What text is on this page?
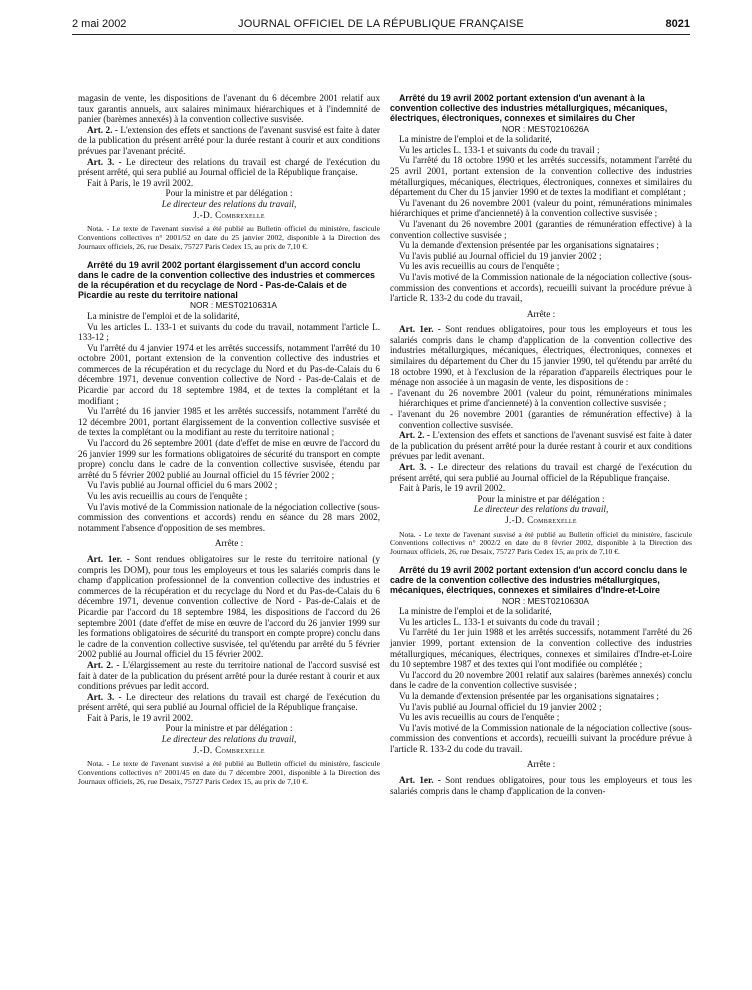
2 mai 2002	JOURNAL OFFICIEL DE LA RÉPUBLIQUE FRANÇAISE	8021

magasin de vente, les dispositions de l'avenant du 6 décembre 2001 relatif aux taux garantis annuels, aux salaires minimaux hiérarchiques et à l'indemnité de panier (barèmes annexés) à la convention collective susvisée.

Art. 2. - L'extension des effets et sanctions de l'avenant susvisé est faite à dater de la publication du présent arrêté pour la durée restant à courir et aux conditions prévues par l'avenant précité.

Art. 3. - Le directeur des relations du travail est chargé de l'exécution du présent arrêté, qui sera publié au Journal officiel de la République française.

Fait à Paris, le 19 avril 2002.

Pour la ministre et par délégation :

Le directeur des relations du travail,

J.-D. Combrexelle

Nota. - Le texte de l'avenant susvisé a été publié au Bulletin officiel du ministère, fascicule Conventions collectives n° 2001/52 en date du 25 janvier 2002, disponible à la Direction des Journaux officiels, 26, rue Desaix, 75727 Paris Cedex 15, au prix de 7,10 €.

Arrêté du 19 avril 2002 portant élargissement d'un accord conclu dans le cadre de la convention collective des industries et commerces de la récupération et du recyclage de Nord - Pas-de-Calais et de Picardie au reste du territoire national

NOR : MEST0210631A

La ministre de l'emploi et de la solidarité,

Vu les articles L. 133-1 et suivants du code du travail, notamment l'article L. 133-12 ;

Vu l'arrêté du 4 janvier 1974 et les arrêtés successifs, notamment l'arrêté du 10 octobre 2001, portant extension de la convention collective des industries et commerces de la récupération et du recyclage du Nord et du Pas-de-Calais du 6 décembre 1971, devenue convention collective de Nord - Pas-de-Calais et de Picardie par accord du 18 septembre 1984, et de textes la complétant et la modifiant ;

Vu l'arrêté du 16 janvier 1985 et les arrêtés successifs, notamment l'arrêté du 12 décembre 2001, portant élargissement de la convention collective susvisée et de textes la complétant ou la modifiant au reste du territoire national ;

Vu l'accord du 26 septembre 2001 (date d'effet de mise en œuvre de l'accord du 26 janvier 1999 sur les formations obligatoires de sécurité du transport en compte propre) conclu dans le cadre de la convention collective susvisée, étendu par arrêté du 5 février 2002 publié au Journal officiel du 15 février 2002 ;

Vu l'avis publié au Journal officiel du 6 mars 2002 ;

Vu les avis recueillis au cours de l'enquête ;

Vu l'avis motivé de la Commission nationale de la négociation collective (sous-commission des conventions et accords) rendu en séance du 28 mars 2002, notamment l'absence d'opposition de ses membres.

Arrête :

Art. 1er. - Sont rendues obligatoires sur le reste du territoire national (y compris les DOM), pour tous les employeurs et tous les salariés compris dans le champ d'application professionnel de la convention collective des industries et commerces de la récupération et du recyclage du Nord et du Pas-de-Calais du 6 décembre 1971, devenue convention collective de Nord - Pas-de-Calais et de Picardie par l'accord du 18 septembre 1984, les dispositions de l'accord du 26 septembre 2001 (date d'effet de mise en œuvre de l'accord du 26 janvier 1999 sur les formations obligatoires de sécurité du transport en compte propre) conclu dans le cadre de la convention collective susvisée, tel qu'étendu par arrêté du 5 février 2002 publié au Journal officiel du 15 février 2002.

Art. 2. - L'élargissement au reste du territoire national de l'accord susvisé est fait à dater de la publication du présent arrêté pour la durée restant à courir et aux conditions prévues par ledit accord.

Art. 3. - Le directeur des relations du travail est chargé de l'exécution du présent arrêté, qui sera publié au Journal officiel de la République française.

Fait à Paris, le 19 avril 2002.

Pour la ministre et par délégation :

Le directeur des relations du travail,

J.-D. Combrexelle

Nota. - Le texte de l'avenant susvisé a été publié au Bulletin officiel du ministère, fascicule Conventions collectives n° 2001/45 en date du 7 décembre 2001, disponible à la Direction des Journaux officiels, 26, rue Desaix, 75727 Paris Cedex 15, au prix de 7,10 €.

Arrêté du 19 avril 2002 portant extension d'un avenant à la convention collective des industries métallurgiques, mécaniques, électriques, électroniques, connexes et similaires du Cher

NOR : MEST0210626A

La ministre de l'emploi et de la solidarité,

Vu les articles L. 133-1 et suivants du code du travail ;

Vu l'arrêté du 18 octobre 1990 et les arrêtés successifs, notamment l'arrêté du 25 avril 2001, portant extension de la convention collective des industries métallurgiques, mécaniques, électriques, électroniques, connexes et similaires du département du Cher du 15 janvier 1990 et de textes la modifiant et complétant ;

Vu l'avenant du 26 novembre 2001 (valeur du point, rémunérations minimales hiérarchiques et prime d'ancienneté) à la convention collective susvisée ;

Vu l'avenant du 26 novembre 2001 (garanties de rémunération effective) à la convention collective susvisée ;

Vu la demande d'extension présentée par les organisations signataires ;

Vu l'avis publié au Journal officiel du 19 janvier 2002 ;

Vu les avis recueillis au cours de l'enquête ;

Vu l'avis motivé de la Commission nationale de la négociation collective (sous-commission des conventions et accords), recueilli suivant la procédure prévue à l'article R. 133-2 du code du travail,

Arrête :

Art. 1er. - Sont rendues obligatoires, pour tous les employeurs et tous les salariés compris dans le champ d'application de la convention collective des industries métallurgiques, mécaniques, électriques, électroniques, connexes et similaires du département du Cher du 15 janvier 1990, tel qu'étendu par arrêté du 18 octobre 1990, et à l'exclusion de la réparation d'appareils électriques pour le ménage non associée à un magasin de vente, les dispositions de :

- l'avenant du 26 novembre 2001 (valeur du point, rémunérations minimales hiérarchiques et prime d'ancienneté) à la convention collective susvisée ;

- l'avenant du 26 novembre 2001 (garanties de rémunération effective) à la convention collective susvisée.

Art. 2. - L'extension des effets et sanctions de l'avenant susvisé est faite à dater de la publication du présent arrêté pour la durée restant à courir et aux conditions prévues par ledit avenant.

Art. 3. - Le directeur des relations du travail est chargé de l'exécution du présent arrêté, qui sera publié au Journal officiel de la République française.

Fait à Paris, le 19 avril 2002.

Pour la ministre et par délégation :

Le directeur des relations du travail,

J.-D. Combrexelle

Nota. - Le texte de l'avenant susvisé a été publié au Bulletin officiel du ministère, fascicule Conventions collectives n° 2002/2 en date du 8 février 2002, disponible à la Direction des Journaux officiels, 26, rue Desaix, 75727 Paris Cedex 15, au prix de 7,10 €.

Arrêté du 19 avril 2002 portant extension d'un accord conclu dans le cadre de la convention collective des industries métallurgiques, mécaniques, électriques, connexes et similaires d'Indre-et-Loire

NOR : MEST0210630A

La ministre de l'emploi et de la solidarité,

Vu les articles L. 133-1 et suivants du code du travail ;

Vu l'arrêté du 1er juin 1988 et les arrêtés successifs, notamment l'arrêté du 26 janvier 1999, portant extension de la convention collective des industries métallurgiques, mécaniques, électriques, connexes et similaires d'Indre-et-Loire du 10 septembre 1987 et des textes qui l'ont modifiée ou complétée ;

Vu l'accord du 20 novembre 2001 relatif aux salaires (barèmes annexés) conclu dans le cadre de la convention collective susvisée ;

Vu la demande d'extension présentée par les organisations signataires ;

Vu l'avis publié au Journal officiel du 19 janvier 2002 ;

Vu les avis recueillis au cours de l'enquête ;

Vu l'avis motivé de la Commission nationale de la négociation collective (sous-commission des conventions et accords), recueilli suivant la procédure prévue à l'article R. 133-2 du code du travail.

Arrête :

Art. 1er. - Sont rendues obligatoires, pour tous les employeurs et tous les salariés compris dans le champ d'application de la conven-
